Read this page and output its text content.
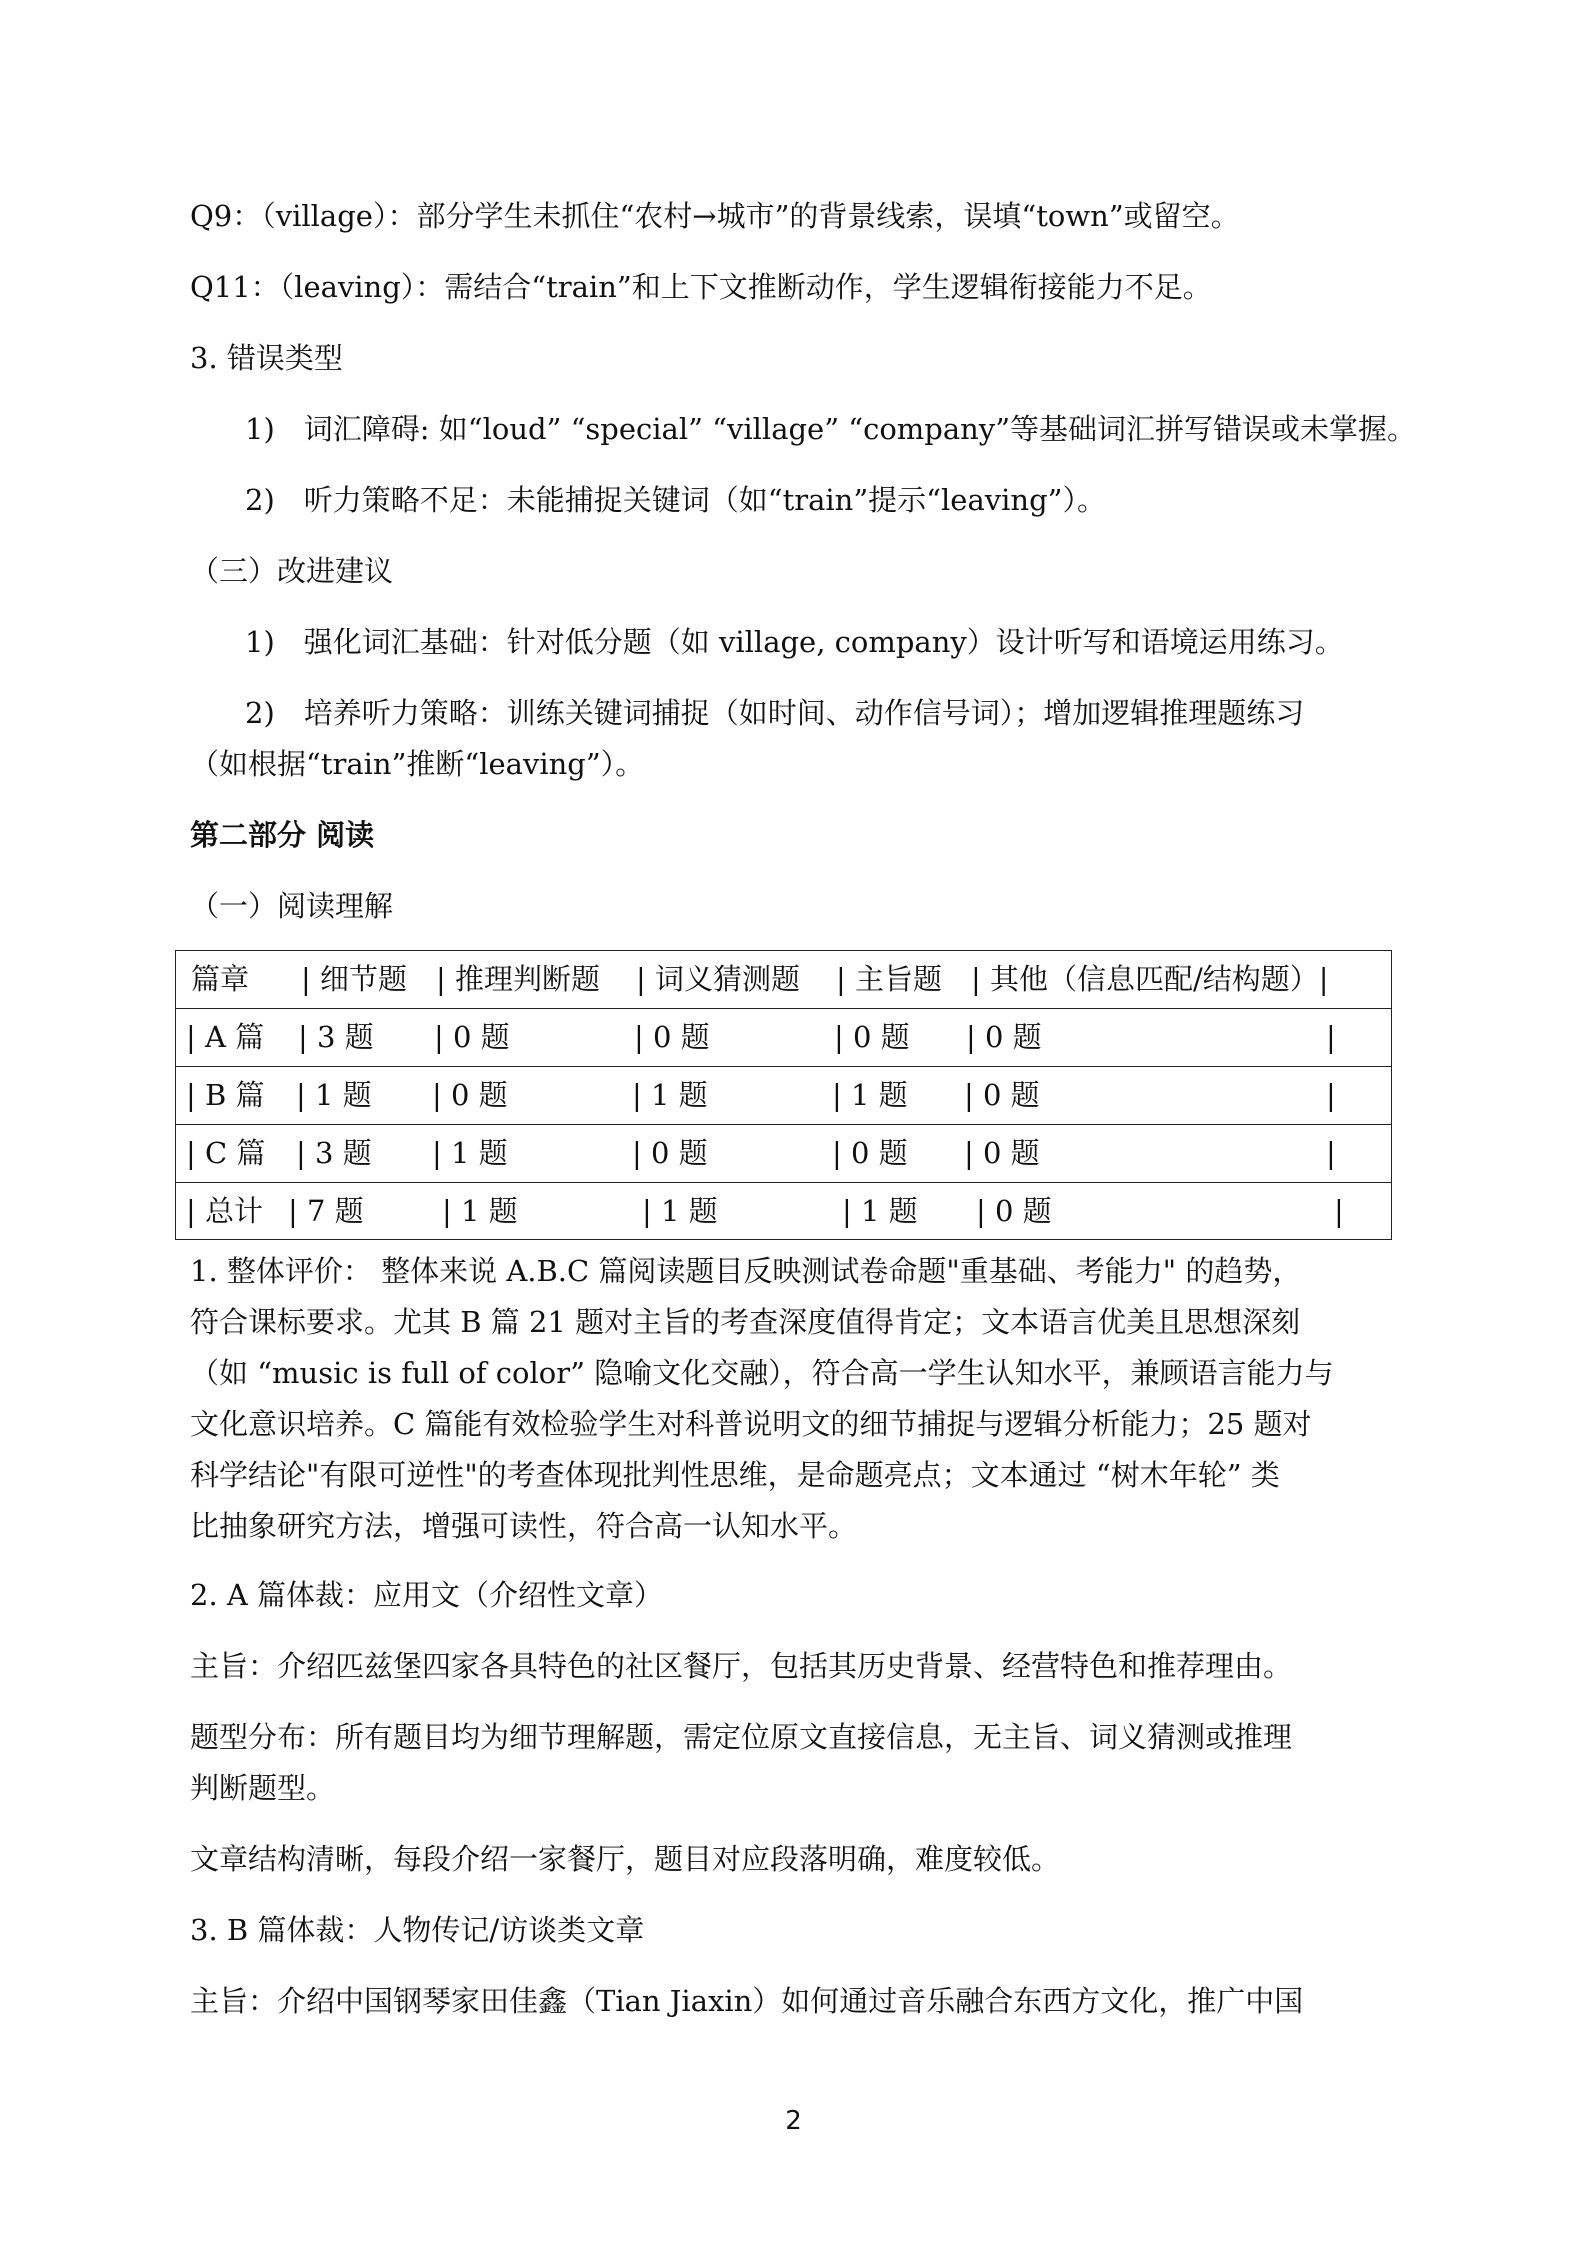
Q9：（village）：部分学生未抓住“农村→城市”的背景线索，误填“town”或留空。
Q11：（leaving）：需结合“train”和上下文推断动作，学生逻辑衔接能力不足。
3. 错误类型
1)　词汇障碍: 如“loud” “special” “village” “company”等基础词汇拼写错误或未掌握。
2)　听力策略不足：未能捕捉关键词（如“train”提示“leaving”）。
（三）改进建议
1)　强化词汇基础：针对低分题（如 village, company）设计听写和语境运用练习。
2)　培养听力策略：训练关键词捕捉（如时间、动作信号词）；增加逻辑推理题练习
（如根据“train”推断“leaving”）。
第二部分 阅读
（一）阅读理解
篇章 | 细节题 | 推理判断题 | 词义猜测题 | 主旨题 | 其他（信息匹配/结构题）|
| A 篇 | 3 题 | 0 题	| 0 题	| 0 题 | 0 题	|
| B 篇 | 1 题 | 0 题	| 1 题	| 1 题 | 0 题	|
| C 篇 | 3 题 | 1 题	| 0 题	| 0 题 | 0 题	|
| 总计 | 7 题	| 1 题	| 1 题	| 1 题 | 0 题	|
1. 整体评价： 整体来说 A.B.C 篇阅读题目反映测试卷命题"重基础、考能力" 的趋势，
符合课标要求。尤其 B 篇 21 题对主旨的考查深度值得肯定；文本语言优美且思想深刻
（如 “music is full of color” 隐喻文化交融），符合高一学生认知水平，兼顾语言能力与
文化意识培养。C 篇能有效检验学生对科普说明文的细节捕捉与逻辑分析能力；25 题对
科学结论"有限可逆性"的考查体现批判性思维，是命题亮点；文本通过 “树木年轮” 类
比抽象研究方法，增强可读性，符合高一认知水平。
2. A 篇体裁：应用文（介绍性文章）
主旨：介绍匹兹堡四家各具特色的社区餐厅，包括其历史背景、经营特色和推荐理由。
题型分布：所有题目均为细节理解题，需定位原文直接信息，无主旨、词义猜测或推理
判断题型。
文章结构清晰，每段介绍一家餐厅，题目对应段落明确，难度较低。
3. B 篇体裁：人物传记/访谈类文章
主旨：介绍中国钢琴家田佳鑫（Tian Jiaxin）如何通过音乐融合东西方文化，推广中国
2
